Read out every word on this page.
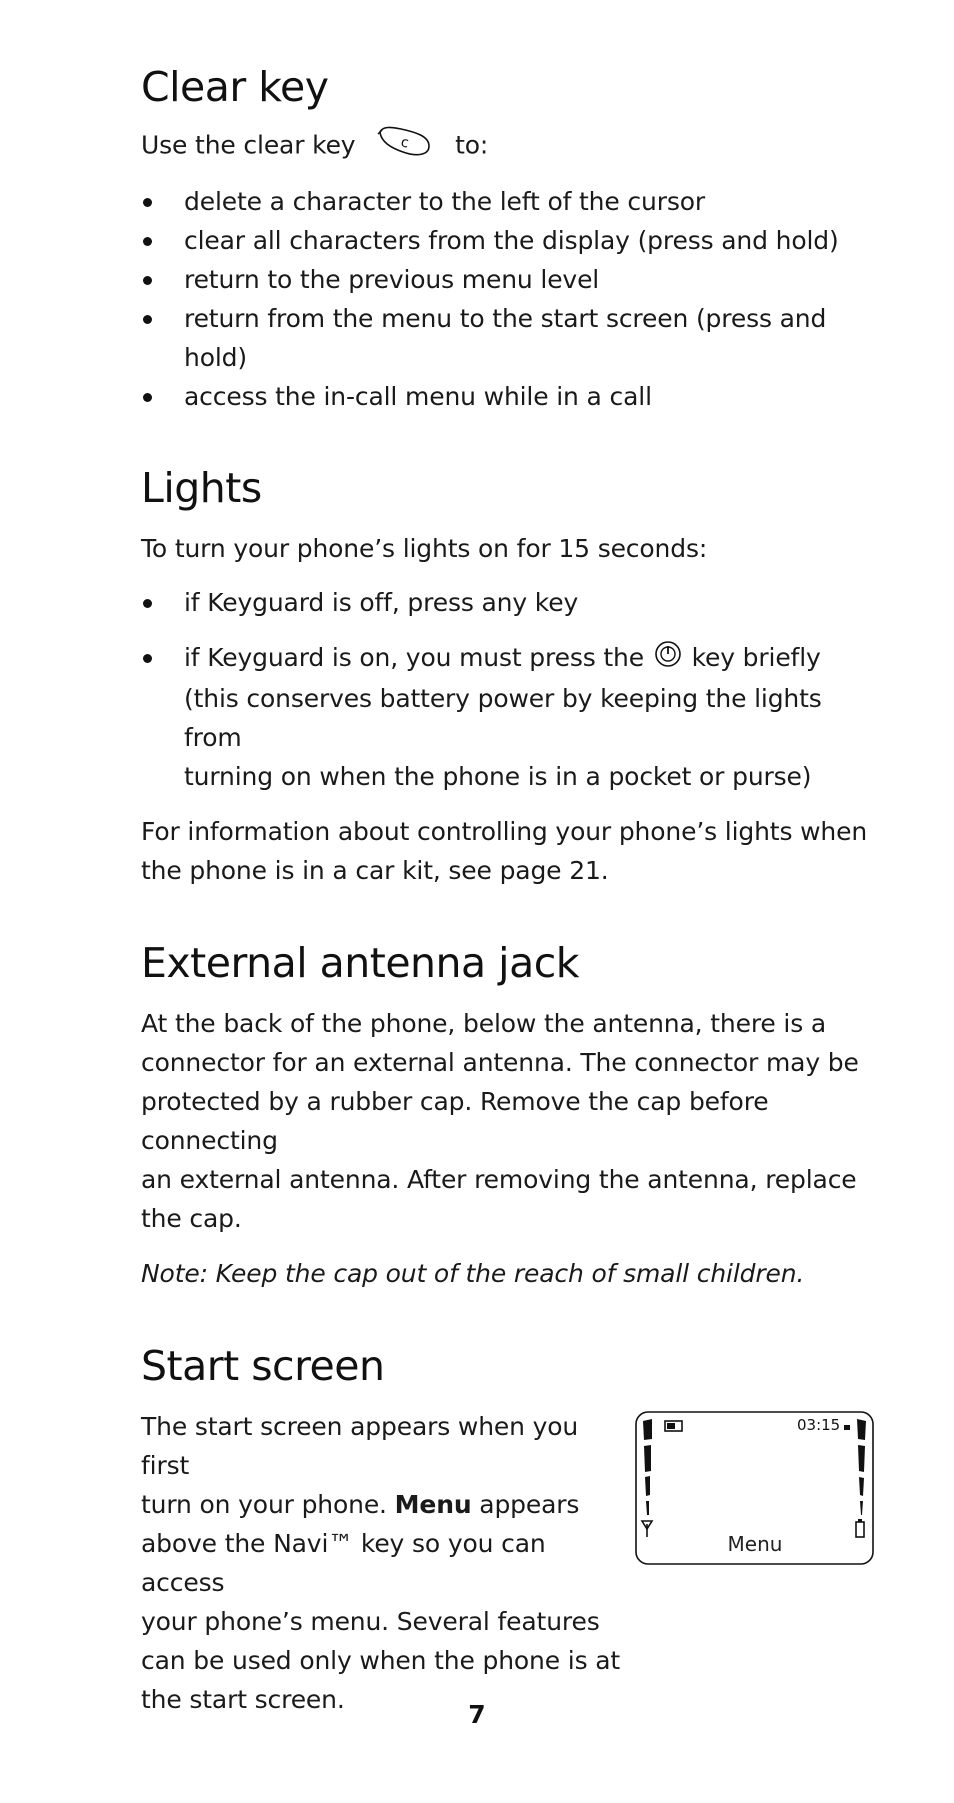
Clear key

Use the clear key	c to:

delete a character to the left of the cursor
clear all characters from the display (press and hold)
return to the previous menu level
return from the menu to the start screen (press and hold)
access the in-call menu while in a call
Lights

To turn your phone’s lights on for 15 seconds:

if Keyguard is off, press any key
if Keyguard is on, you must press the key briefly
(this conserves battery power by keeping the lights from
turning on when the phone is in a pocket or purse)

For information about controlling your phone’s lights when
the phone is in a car kit, see page 21.

External antenna jack

At the back of the phone, below the antenna, there is a
connector for an external antenna. The connector may be
protected by a rubber cap. Remove the cap before connecting
an external antenna. After removing the antenna, replace
the cap.

Note: Keep the cap out of the reach of small children.

Start screen

The start screen appears when you first
turn on your phone. Menu appears
above the Navi™ key so you can access
your phone’s menu. Several features
can be used only when the phone is at
the start screen.

03:15
Menu
7
